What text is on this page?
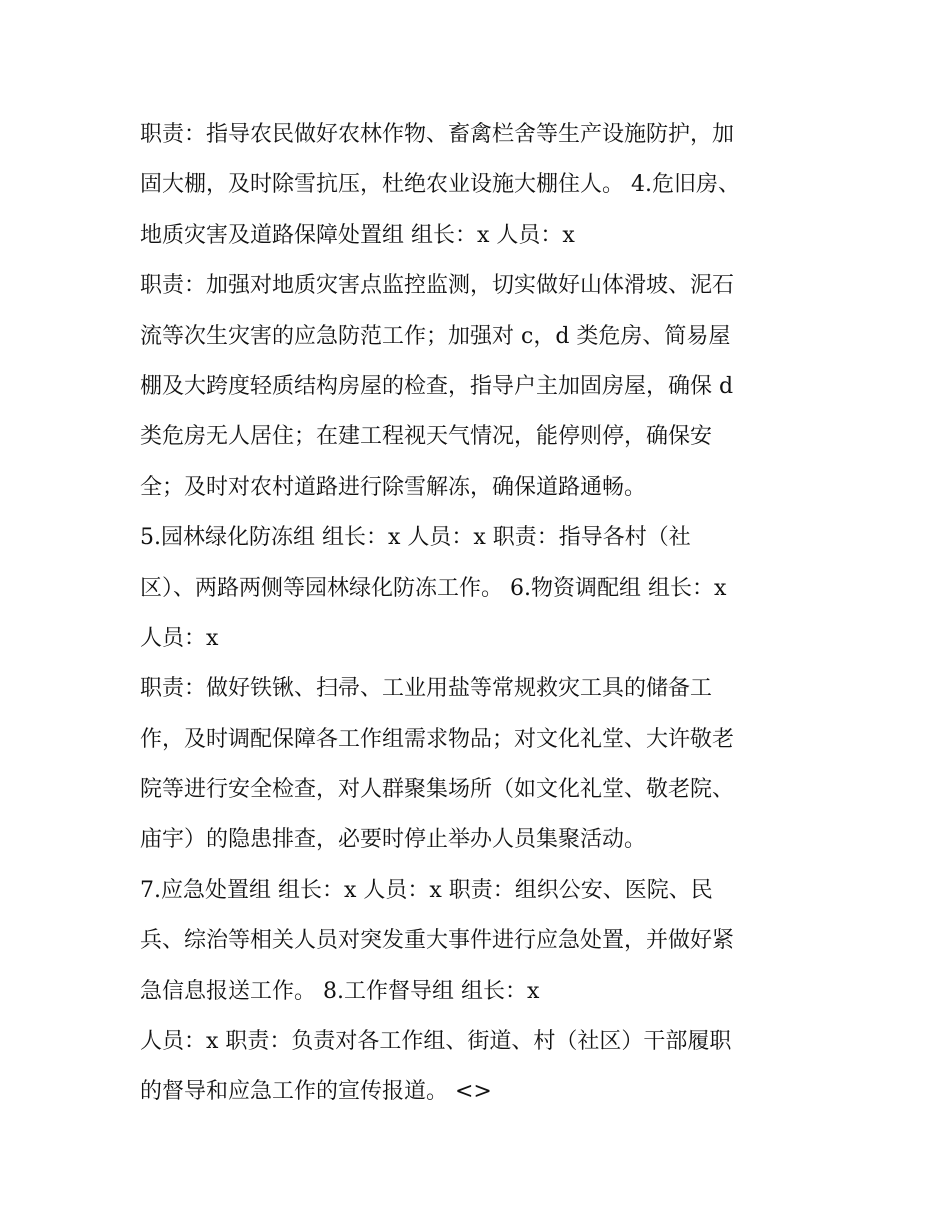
职责：指导农民做好农林作物、畜禽栏舍等生产设施防护，加
固大棚，及时除雪抗压，杜绝农业设施大棚住人。 4.危旧房、
地质灾害及道路保障处置组 组长：x 人员：x
职责：加强对地质灾害点监控监测，切实做好山体滑坡、泥石
流等次生灾害的应急防范工作；加强对 c，d 类危房、简易屋
棚及大跨度轻质结构房屋的检查，指导户主加固房屋，确保 d
类危房无人居住；在建工程视天气情况，能停则停，确保安
全；及时对农村道路进行除雪解冻，确保道路通畅。
5.园林绿化防冻组 组长：x 人员：x 职责：指导各村（社
区）、两路两侧等园林绿化防冻工作。 6.物资调配组 组长：x
人员：x
职责：做好铁锹、扫帚、工业用盐等常规救灾工具的储备工
作，及时调配保障各工作组需求物品；对文化礼堂、大许敬老
院等进行安全检查，对人群聚集场所（如文化礼堂、敬老院、
庙宇）的隐患排查，必要时停止举办人员集聚活动。
7.应急处置组 组长：x 人员：x 职责：组织公安、医院、民
兵、综治等相关人员对突发重大事件进行应急处置，并做好紧
急信息报送工作。 8.工作督导组 组长：x
人员：x 职责：负责对各工作组、街道、村（社区）干部履职
的督导和应急工作的宣传报道。 <>
